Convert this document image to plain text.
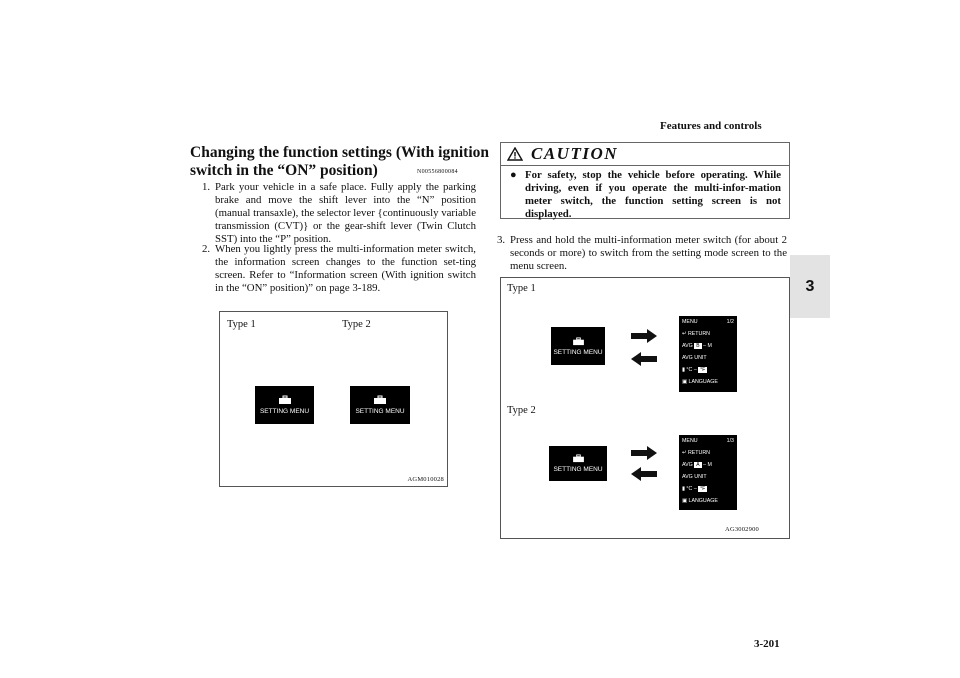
Features and controls
3
3-201
Changing the function settings (With ignition switch in the “ON” position)	N00556800084
1. Park your vehicle in a safe place. Fully apply the parking brake and move the shift lever into the “N” position (manual transaxle), the selector lever {continuously variable transmission (CVT)} or the gear-shift lever (Twin Clutch SST) into the “P” position.
2. When you lightly press the multi-information meter switch, the information screen changes to the function set-ting screen. Refer to “Information screen (With ignition switch in the “ON” position)” on page 3-189.
Type 1	Type 2
SETTING MENU	SETTING MENU
AGM010028
CAUTION
● For safety, stop the vehicle before operating. While driving, even if you operate the multi-infor-mation meter switch, the function setting screen is not displayed.
3. Press and hold the multi-information meter switch (for about 2 seconds or more) to switch from the setting mode screen to the menu screen.
Type 1
Type 2
SETTING MENU
MENU	1/2
↵
RETURN
AVG
B – M
AVG UNIT
▮
°C – °F
▣
LANGUAGE
SETTING MENU
MENU	1/3
↵
RETURN
AVG
A – M
AVG UNIT
▮
°C – °F
▣
LANGUAGE
AG3002900
